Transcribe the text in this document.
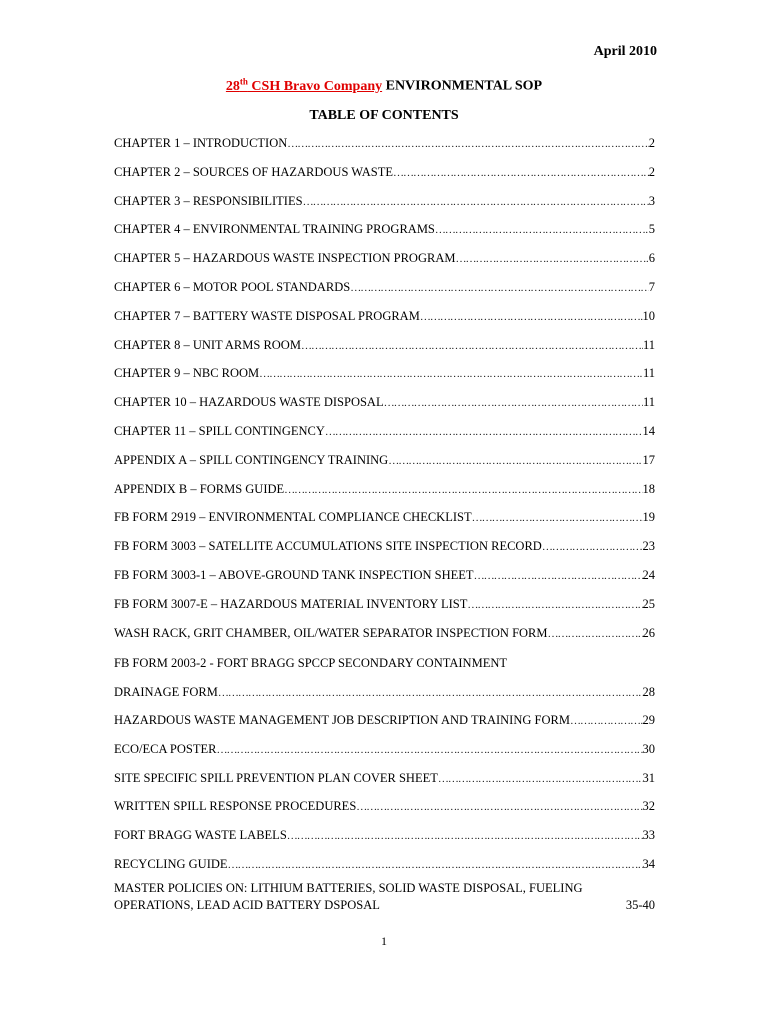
April 2010
28th CSH Bravo Company ENVIRONMENTAL SOP
TABLE OF CONTENTS
CHAPTER 1 – INTRODUCTION ……………………………………………………………………………………………………………………………………………………………………………………	2
CHAPTER 2 – SOURCES OF HAZARDOUS WASTE ……………………………………………………………………………………………………………………………………………………………………………………	2
CHAPTER 3 – RESPONSIBILITIES ……………………………………………………………………………………………………………………………………………………………………………………	3
CHAPTER 4 – ENVIRONMENTAL TRAINING PROGRAMS ……………………………………………………………………………………………………………………………………………………………………………………	5
CHAPTER 5 – HAZARDOUS WASTE INSPECTION PROGRAM ……………………………………………………………………………………………………………………………………………………………………………………	6
CHAPTER 6 – MOTOR POOL STANDARDS ……………………………………………………………………………………………………………………………………………………………………………………	7
CHAPTER 7 – BATTERY WASTE DISPOSAL PROGRAM ……………………………………………………………………………………………………………………………………………………………………………………	10
CHAPTER 8 – UNIT ARMS ROOM ……………………………………………………………………………………………………………………………………………………………………………………	11
CHAPTER 9 – NBC ROOM ……………………………………………………………………………………………………………………………………………………………………………………	11
CHAPTER 10 – HAZARDOUS WASTE DISPOSAL ……………………………………………………………………………………………………………………………………………………………………………………	11
CHAPTER 11 – SPILL CONTINGENCY ……………………………………………………………………………………………………………………………………………………………………………………	14
APPENDIX A – SPILL CONTINGENCY TRAINING ……………………………………………………………………………………………………………………………………………………………………………………	17
APPENDIX B – FORMS GUIDE ……………………………………………………………………………………………………………………………………………………………………………………	18
FB FORM 2919 – ENVIRONMENTAL COMPLIANCE CHECKLIST ……………………………………………………………………………………………………………………………………………………………………………………	19
FB FORM 3003 – SATELLITE ACCUMULATIONS SITE INSPECTION RECORD ……………………………………………………………………………………………………………………………………………………………………………………	23
FB FORM 3003-1 – ABOVE-GROUND TANK INSPECTION SHEET ……………………………………………………………………………………………………………………………………………………………………………………	24
FB FORM 3007-E – HAZARDOUS MATERIAL INVENTORY LIST ……………………………………………………………………………………………………………………………………………………………………………………	25
WASH RACK, GRIT CHAMBER, OIL/WATER SEPARATOR INSPECTION FORM ……………………………………………………………………………………………………………………………………………………………………………………	26
FB FORM 2003-2 - FORT BRAGG SPCCP SECONDARY CONTAINMENT
DRAINAGE FORM ……………………………………………………………………………………………………………………………………………………………………………………	28
HAZARDOUS WASTE MANAGEMENT JOB DESCRIPTION AND TRAINING FORM ……………………………………………………………………………………………………………………………………………………………………………………	29
ECO/ECA POSTER ……………………………………………………………………………………………………………………………………………………………………………………	30
SITE SPECIFIC SPILL PREVENTION PLAN COVER SHEET ……………………………………………………………………………………………………………………………………………………………………………………	31
WRITTEN SPILL RESPONSE PROCEDURES ……………………………………………………………………………………………………………………………………………………………………………………	32
FORT BRAGG WASTE LABELS ……………………………………………………………………………………………………………………………………………………………………………………	33
RECYCLING GUIDE ……………………………………………………………………………………………………………………………………………………………………………………	34
MASTER POLICIES ON: LITHIUM BATTERIES, SOLID WASTE DISPOSAL, FUELING
OPERATIONS, LEAD ACID BATTERY DSPOSAL	35-40
1
